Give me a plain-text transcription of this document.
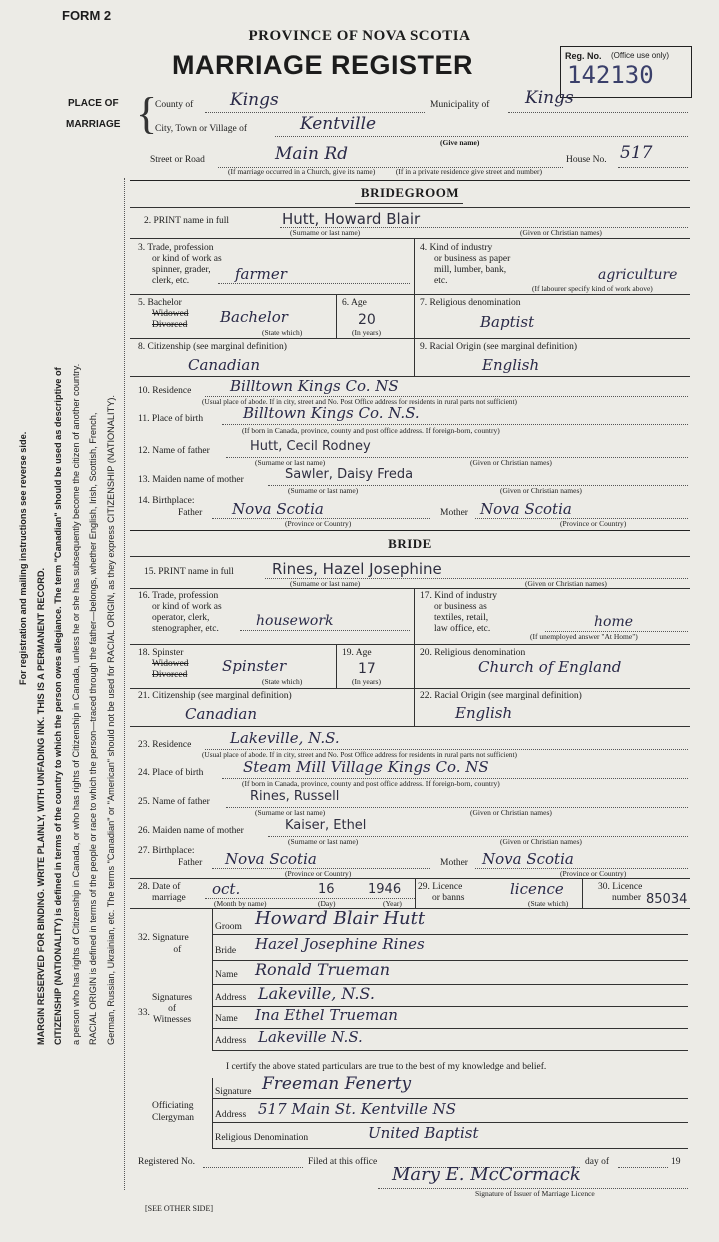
FORM 2
PROVINCE OF NOVA SCOTIA
MARRIAGE REGISTER	Reg. No. (Office use only)
142130
PLACE OF
MARRIAGE {
County of Kings	Municipality of Kings
City, Town or Village of	Kentville
(Give name)
Street or Road	Main Rd	House No. 517
(If marriage occurred in a Church, give its name)           (If in a private residence give street and number)
For registration and mailing instructions see reverse side.
MARGIN RESERVED FOR BINDING. WRITE PLAINLY, WITH UNFADING INK. THIS IS A PERMANENT RECORD. CITIZENSHIP (NATIONALITY) is defined in terms of the country to which the person owes allegiance. The term "Canadian" should be used as descriptive of a person who has rights of Citizenship in Canada, or who has rights of Citizenship in Canada, unless he or she has subsequently become the citizen of another country. RACIAL ORIGIN is defined in terms of the people or race to which the person—traced through the father—belongs, whether English, Irish, Scottish, French, German, Russian, Ukrainian, etc. The terms "Canadian" or "American" should not be used for RACIAL ORIGIN, as they express CITIZENSHIP (NATIONALITY).
BRIDEGROOM
2. PRINT name in full	Hutt, Howard Blair
(Surname or last name)	(Given or Christian names)
3. Trade, profession
or kind of work as
spinner, grader,
clerk, etc.	farmer
4. Kind of industry
or business as paper
mill, lumber, bank,
etc.	agriculture
(If labourer specify kind of work above)
5. Bachelor
Widowed
Divorced Bachelor
(State which)
6. Age
20
(In years)
7. Religious denomination
Baptist
8. Citizenship (see marginal definition)
Canadian
9. Racial Origin (see marginal definition)
English
10. Residence	Billtown Kings Co. NS
(Usual place of abode. If in city, street and No. Post Office address for residents in rural parts not sufficient)
11. Place of birth	Billtown Kings Co. N.S.
(If born in Canada, province, county and post office address. If foreign-born, country)
12. Name of father	Hutt, Cecil Rodney
(Surname or last name)	(Given or Christian names)
13. Maiden name of mother	Sawler, Daisy Freda
(Surname or last name)	(Given or Christian names)
14. Birthplace:
Father Nova Scotia
(Province or Country)
Mother Nova Scotia
(Province or Country)
BRIDE
15. PRINT name in full	Rines, Hazel Josephine
(Surname or last name)	(Given or Christian names)
16. Trade, profession
or kind of work as
operator, clerk,
stenographer, etc.	housework
17. Kind of industry
or business as
textiles, retail,
law office, etc.	home
(If unemployed answer "At Home")
18. Spinster
Widowed
Divorced Spinster
(State which)
19. Age
17
(In years)
20. Religious denomination
Church of England
21. Citizenship (see marginal definition)
Canadian
22. Racial Origin (see marginal definition)
English
23. Residence	Lakeville, N.S.
(Usual place of abode. If in city, street and No. Post Office address for residents in rural parts not sufficient)
24. Place of birth	Steam Mill Village Kings Co. NS
(If born in Canada, province, county and post office address. If foreign-born, country)
25. Name of father	Rines, Russell
(Surname or last name)	(Given or Christian names)
26. Maiden name of mother	Kaiser, Ethel
(Surname or last name)	(Given or Christian names)
27. Birthplace:
Father Nova Scotia
(Province or Country)
Mother Nova Scotia
(Province or Country)
28. Date of
marriage oct.	16	1946
(Month by name)	(Day)	(Year)
29. Licence
or banns	licence
(State which)
30. Licence
number 85034
32. Signature
of
Groom Howard Blair Hutt
Bride Hazel Josephine Rines
33.
Signatures
of
Witnesses
Name Ronald Trueman
Address Lakeville, N.S.
Name Ina Ethel Trueman
Address Lakeville N.S.
I certify the above stated particulars are true to the best of my knowledge and belief.
Officiating
Clergyman
Signature Freeman Fenerty
Address 517 Main St. Kentville NS
Religious Denomination	United Baptist
Registered No.	Filed at this office	day of	19
Mary E. McCormack
Signature of Issuer of Marriage Licence
[SEE OTHER SIDE]
